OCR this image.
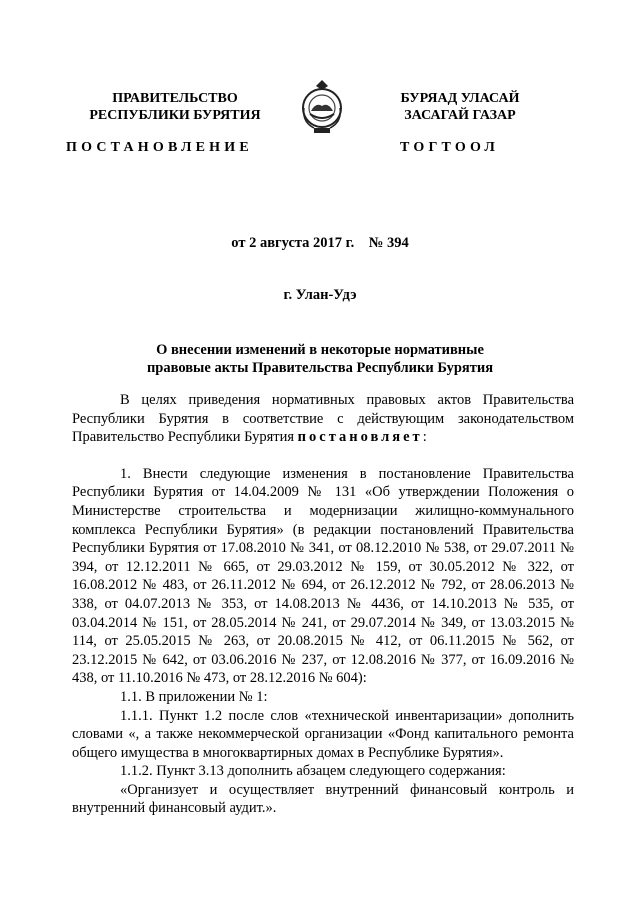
ПРАВИТЕЛЬСТВО
РЕСПУБЛИКИ БУРЯТИЯ
БУРЯАД УЛАСАЙ
ЗАСАГАЙ ГАЗАР
ПОСТАНОВЛЕНИЕ	ТОГТООЛ
от 2 августа 2017 г.    № 394
г. Улан-Удэ
О внесении изменений в некоторые нормативные
правовые акты Правительства Республики Бурятия

В целях приведения нормативных правовых актов Правительства Республики Бурятия в соответствие с действующим законодательством Правительство Республики Бурятия постановляет:

1. Внести следующие изменения в постановление Правительства Республики Бурятия от 14.04.2009 № 131 «Об утверждении Положения о Министерстве строительства и модернизации жилищно-коммунального комплекса Республики Бурятия» (в редакции постановлений Правительства Республики Бурятия от 17.08.2010 № 341, от 08.12.2010 № 538, от 29.07.2011 № 394, от 12.12.2011 № 665, от 29.03.2012 № 159, от 30.05.2012 № 322, от 16.08.2012 № 483, от 26.11.2012 № 694, от 26.12.2012 № 792, от 28.06.2013 № 338, от 04.07.2013 № 353, от 14.08.2013 № 4436, от 14.10.2013 № 535, от 03.04.2014 № 151, от 28.05.2014 № 241, от 29.07.2014 № 349, от 13.03.2015 № 114, от 25.05.2015 № 263, от 20.08.2015 № 412, от 06.11.2015 № 562, от 23.12.2015 № 642, от 03.06.2016 № 237, от 12.08.2016 № 377, от 16.09.2016 № 438, от 11.10.2016 № 473, от 28.12.2016 № 604):

1.1. В приложении № 1:

1.1.1. Пункт 1.2 после слов «технической инвентаризации» дополнить словами «, а также некоммерческой организации «Фонд капитального ремонта общего имущества в многоквартирных домах в Республике Бурятия».

1.1.2. Пункт 3.13 дополнить абзацем следующего содержания:

«Организует и осуществляет внутренний финансовый контроль и внутренний финансовый аудит.».
